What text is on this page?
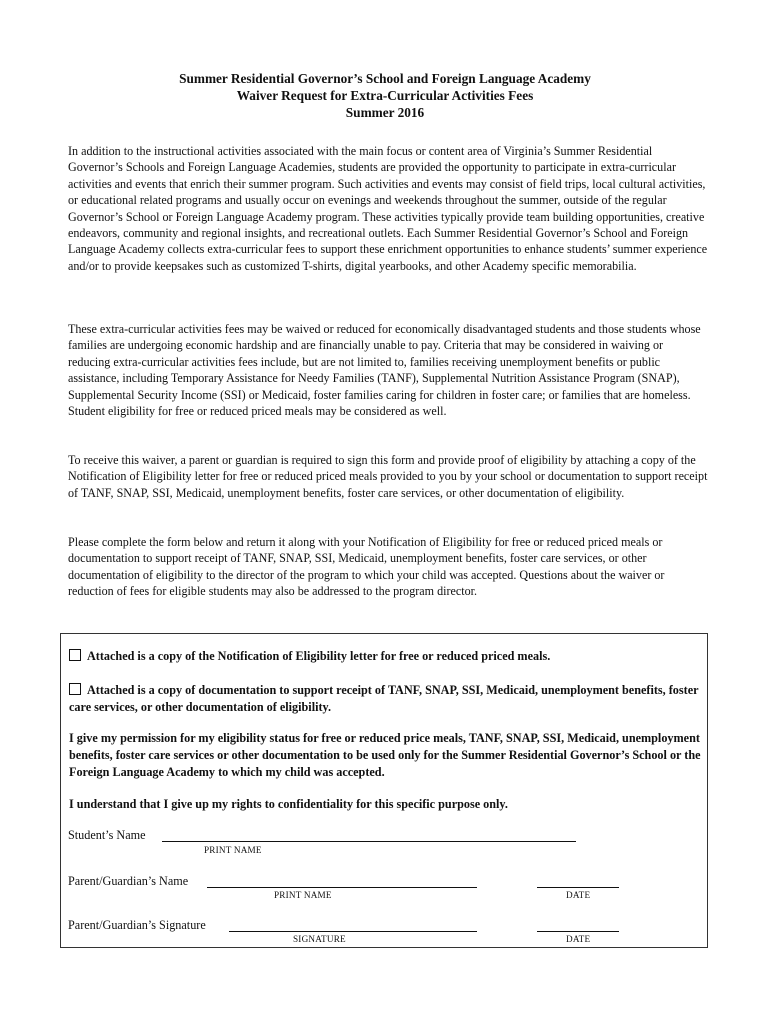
Summer Residential Governor’s School and Foreign Language Academy
Waiver Request for Extra-Curricular Activities Fees
Summer 2016
In addition to the instructional activities associated with the main focus or content area of Virginia’s Summer Residential Governor’s Schools and Foreign Language Academies, students are provided the opportunity to participate in extra-curricular activities and events that enrich their summer program. Such activities and events may consist of field trips, local cultural activities, or educational related programs and usually occur on evenings and weekends throughout the summer, outside of the regular Governor’s School or Foreign Language Academy program. These activities typically provide team building opportunities, creative endeavors, community and regional insights, and recreational outlets. Each Summer Residential Governor’s School and Foreign Language Academy collects extra-curricular fees to support these enrichment opportunities to enhance students’ summer experience and/or to provide keepsakes such as customized T-shirts, digital yearbooks, and other Academy specific memorabilia.
These extra-curricular activities fees may be waived or reduced for economically disadvantaged students and those students whose families are undergoing economic hardship and are financially unable to pay. Criteria that may be considered in waiving or reducing extra-curricular activities fees include, but are not limited to, families receiving unemployment benefits or public assistance, including Temporary Assistance for Needy Families (TANF), Supplemental Nutrition Assistance Program (SNAP), Supplemental Security Income (SSI) or Medicaid, foster families caring for children in foster care; or families that are homeless. Student eligibility for free or reduced priced meals may be considered as well.
To receive this waiver, a parent or guardian is required to sign this form and provide proof of eligibility by attaching a copy of the Notification of Eligibility letter for free or reduced priced meals provided to you by your school or documentation to support receipt of TANF, SNAP, SSI, Medicaid, unemployment benefits, foster care services, or other documentation of eligibility.
Please complete the form below and return it along with your Notification of Eligibility for free or reduced priced meals or documentation to support receipt of TANF, SNAP, SSI, Medicaid, unemployment benefits, foster care services, or other documentation of eligibility to the director of the program to which your child was accepted. Questions about the waiver or reduction of fees for eligible students may also be addressed to the program director.
Attached is a copy of the Notification of Eligibility letter for free or reduced priced meals.
Attached is a copy of documentation to support receipt of TANF, SNAP, SSI, Medicaid, unemployment benefits, foster care services, or other documentation of eligibility.
I give my permission for my eligibility status for free or reduced price meals, TANF, SNAP, SSI, Medicaid, unemployment benefits, foster care services or other documentation to be used only for the Summer Residential Governor’s School or the Foreign Language Academy to which my child was accepted.
I understand that I give up my rights to confidentiality for this specific purpose only.
Student’s Name
PRINT NAME
Parent/Guardian’s Name
PRINT NAME	DATE
Parent/Guardian’s Signature
SIGNATURE	DATE
